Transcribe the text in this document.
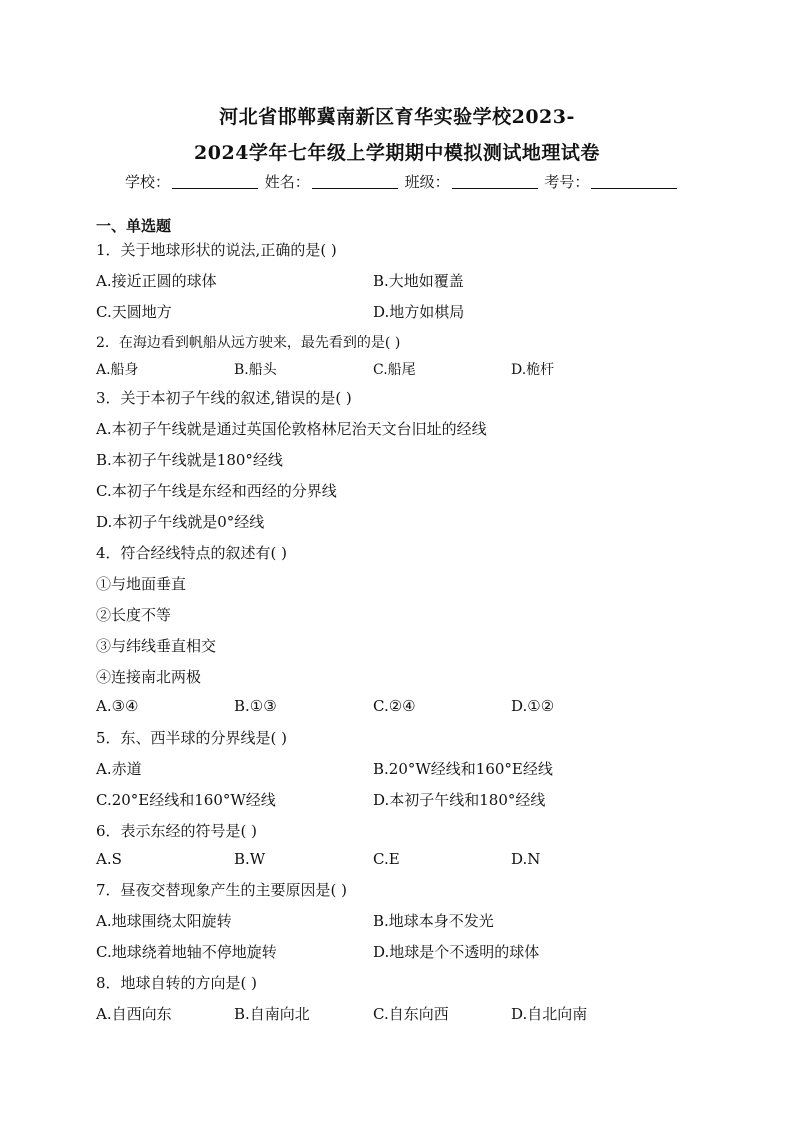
河北省邯郸冀南新区育华实验学校2023-
2024学年七年级上学期期中模拟测试地理试卷
学校：	姓名：	班级：	考号：
一、单选题
1．关于地球形状的说法,正确的是( )
A.接近正圆的球体	B.大地如覆盖
C.天圆地方	D.地方如棋局
2．在海边看到帆船从远方驶来，最先看到的是( )
A.船身	B.船头	C.船尾	D.桅杆
3．关于本初子午线的叙述,错误的是( )
A.本初子午线就是通过英国伦敦格林尼治天文台旧址的经线
B.本初子午线就是180°经线
C.本初子午线是东经和西经的分界线
D.本初子午线就是0°经线
4．符合经线特点的叙述有( )
①与地面垂直
②长度不等
③与纬线垂直相交
④连接南北两极
A.③④	B.①③	C.②④	D.①②
5．东、西半球的分界线是( )
A.赤道	B.20°W经线和160°E经线
C.20°E经线和160°W经线	D.本初子午线和180°经线
6．表示东经的符号是( )
A.S	B.W	C.E	D.N
7．昼夜交替现象产生的主要原因是( )
A.地球围绕太阳旋转	B.地球本身不发光
C.地球绕着地轴不停地旋转	D.地球是个不透明的球体
8．地球自转的方向是( )
A.自西向东	B.自南向北	C.自东向西	D.自北向南
